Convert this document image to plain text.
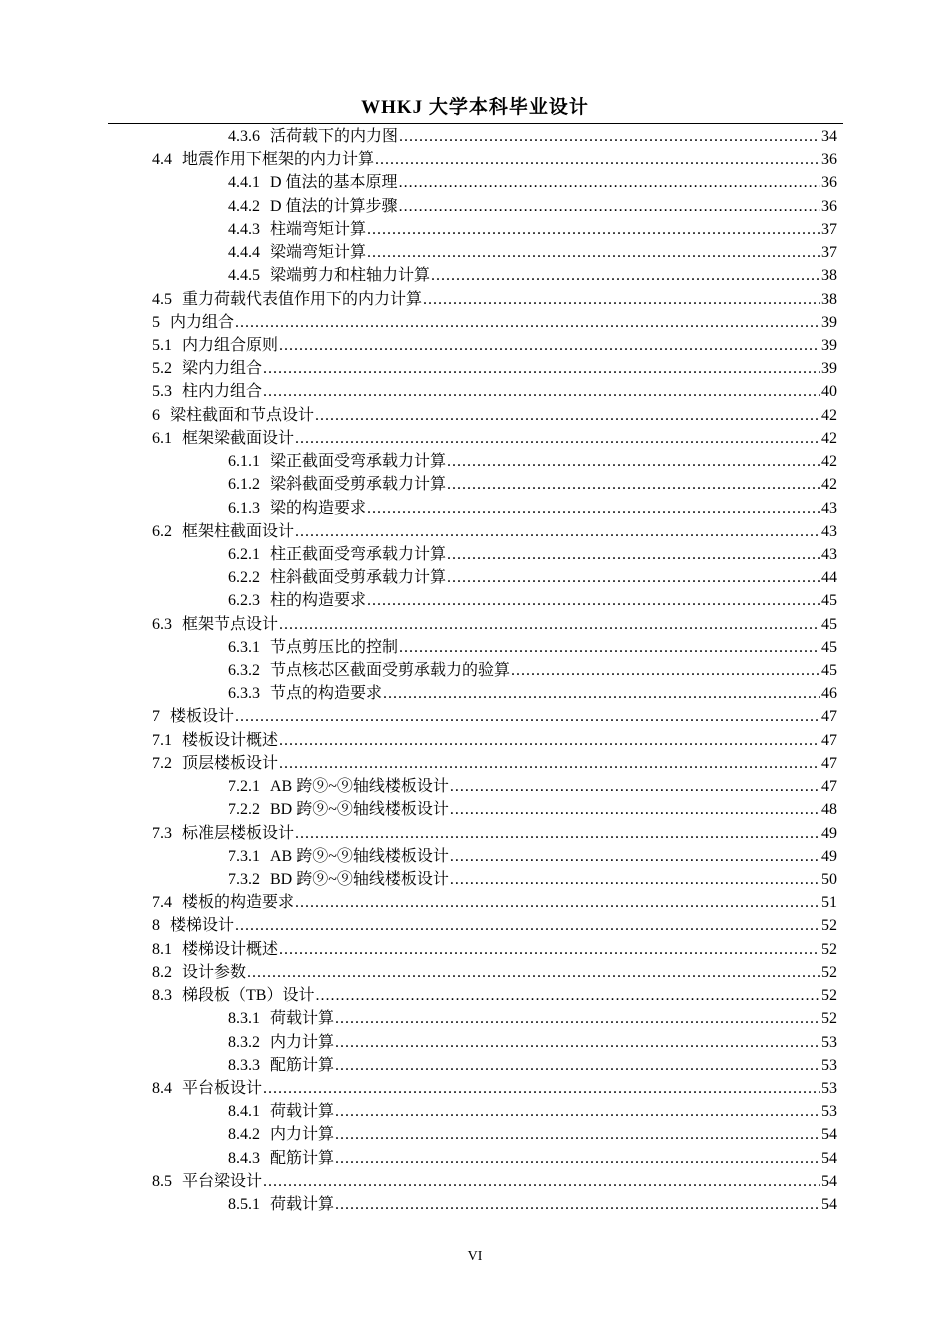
WHKJ 大学本科毕业设计
4.3.6 活荷载下的内力图 .....	34
4.4 地震作用下框架的内力计算 .....	36
4.4.1 D 值法的基本原理 .....	36
4.4.2 D 值法的计算步骤 .....	36
4.4.3 柱端弯矩计算 .....	37
4.4.4 梁端弯矩计算 .....	37
4.4.5 梁端剪力和柱轴力计算 .....	38
4.5 重力荷载代表值作用下的内力计算 .....	38
5 内力组合 .....	39
5.1 内力组合原则 .....	39
5.2 梁内力组合 .....	39
5.3 柱内力组合 .....	40
6 梁柱截面和节点设计 .....	42
6.1 框架梁截面设计 .....	42
6.1.1 梁正截面受弯承载力计算 .....	42
6.1.2 梁斜截面受剪承载力计算 .....	42
6.1.3 梁的构造要求 .....	43
6.2 框架柱截面设计 .....	43
6.2.1 柱正截面受弯承载力计算 .....	43
6.2.2 柱斜截面受剪承载力计算 .....	44
6.2.3 柱的构造要求 .....	45
6.3 框架节点设计 .....	45
6.3.1 节点剪压比的控制 .....	45
6.3.2 节点核芯区截面受剪承载力的验算 .....	45
6.3.3 节点的构造要求 .....	46
7 楼板设计 .....	47
7.1 楼板设计概述 .....	47
7.2 顶层楼板设计 .....	47
7.2.1 AB 跨⑨~⑨轴线楼板设计 .....	47
7.2.2 BD 跨⑨~⑨轴线楼板设计 .....	48
7.3 标准层楼板设计 .....	49
7.3.1 AB 跨⑨~⑨轴线楼板设计 .....	49
7.3.2 BD 跨⑨~⑨轴线楼板设计 .....	50
7.4 楼板的构造要求 .....	51
8 楼梯设计 .....	52
8.1 楼梯设计概述 .....	52
8.2 设计参数 .....	52
8.3 梯段板（TB）设计 .....	52
8.3.1 荷载计算 .....	52
8.3.2 内力计算 .....	53
8.3.3 配筋计算 .....	53
8.4 平台板设计 .....	53
8.4.1 荷载计算 .....	53
8.4.2 内力计算 .....	54
8.4.3 配筋计算 .....	54
8.5 平台梁设计 .....	54
8.5.1 荷载计算 .....	54
VI
